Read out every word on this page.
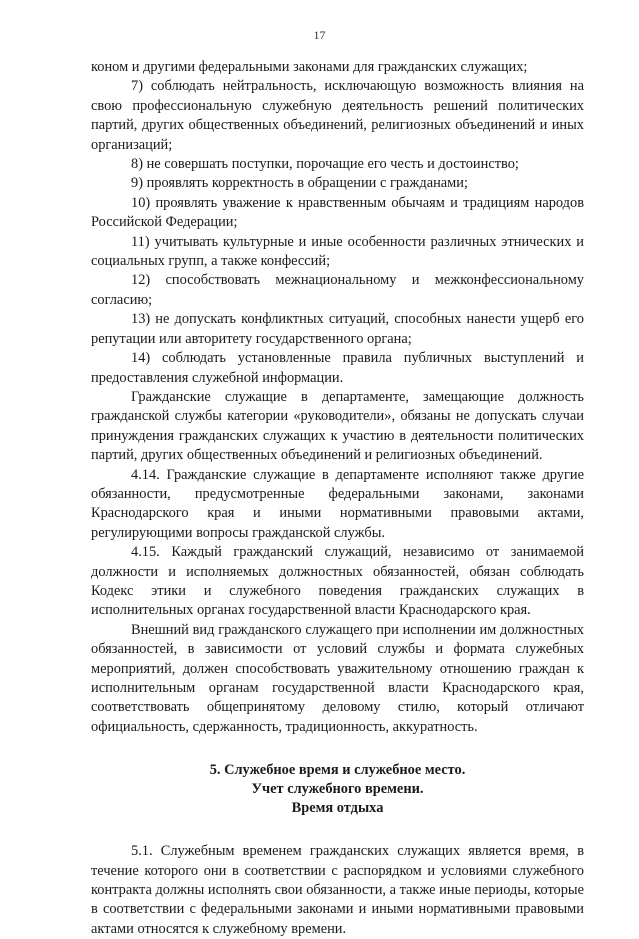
17

коном и другими федеральными законами для гражданских служащих;

7) соблюдать нейтральность, исключающую возможность влияния на свою профессиональную служебную деятельность решений политических партий, других общественных объединений, религиозных объединений и иных организаций;

8) не совершать поступки, порочащие его честь и достоинство;

9) проявлять корректность в обращении с гражданами;

10) проявлять уважение к нравственным обычаям и традициям народов Российской Федерации;

11) учитывать культурные и иные особенности различных этнических и социальных групп, а также конфессий;

12) способствовать межнациональному и межконфессиональному согласию;

13) не допускать конфликтных ситуаций, способных нанести ущерб его репутации или авторитету государственного органа;

14) соблюдать установленные правила публичных выступлений и предоставления служебной информации.

Гражданские служащие в департаменте, замещающие должность гражданской службы категории «руководители», обязаны не допускать случаи принуждения гражданских служащих к участию в деятельности политических партий, других общественных объединений и религиозных объединений.

4.14. Гражданские служащие в департаменте исполняют также другие обязанности, предусмотренные федеральными законами, законами Краснодарского края и иными нормативными правовыми актами, регулирующими вопросы гражданской службы.

4.15. Каждый гражданский служащий, независимо от занимаемой должности и исполняемых должностных обязанностей, обязан соблюдать Кодекс этики и служебного поведения гражданских служащих в исполнительных органах государственной власти Краснодарского края.

Внешний вид гражданского служащего при исполнении им должностных обязанностей, в зависимости от условий службы и формата служебных мероприятий, должен способствовать уважительному отношению граждан к исполнительным органам государственной власти Краснодарского края, соответствовать общепринятому деловому стилю, который отличают официальность, сдержанность, традиционность, аккуратность.

5. Служебное время и служебное место.
Учет служебного времени.
Время отдыха

5.1. Служебным временем гражданских служащих является время, в течение которого они в соответствии с распорядком и условиями служебного контракта должны исполнять свои обязанности, а также иные периоды, которые в соответствии с федеральными законами и иными нормативными правовыми актами относятся к служебному времени.
